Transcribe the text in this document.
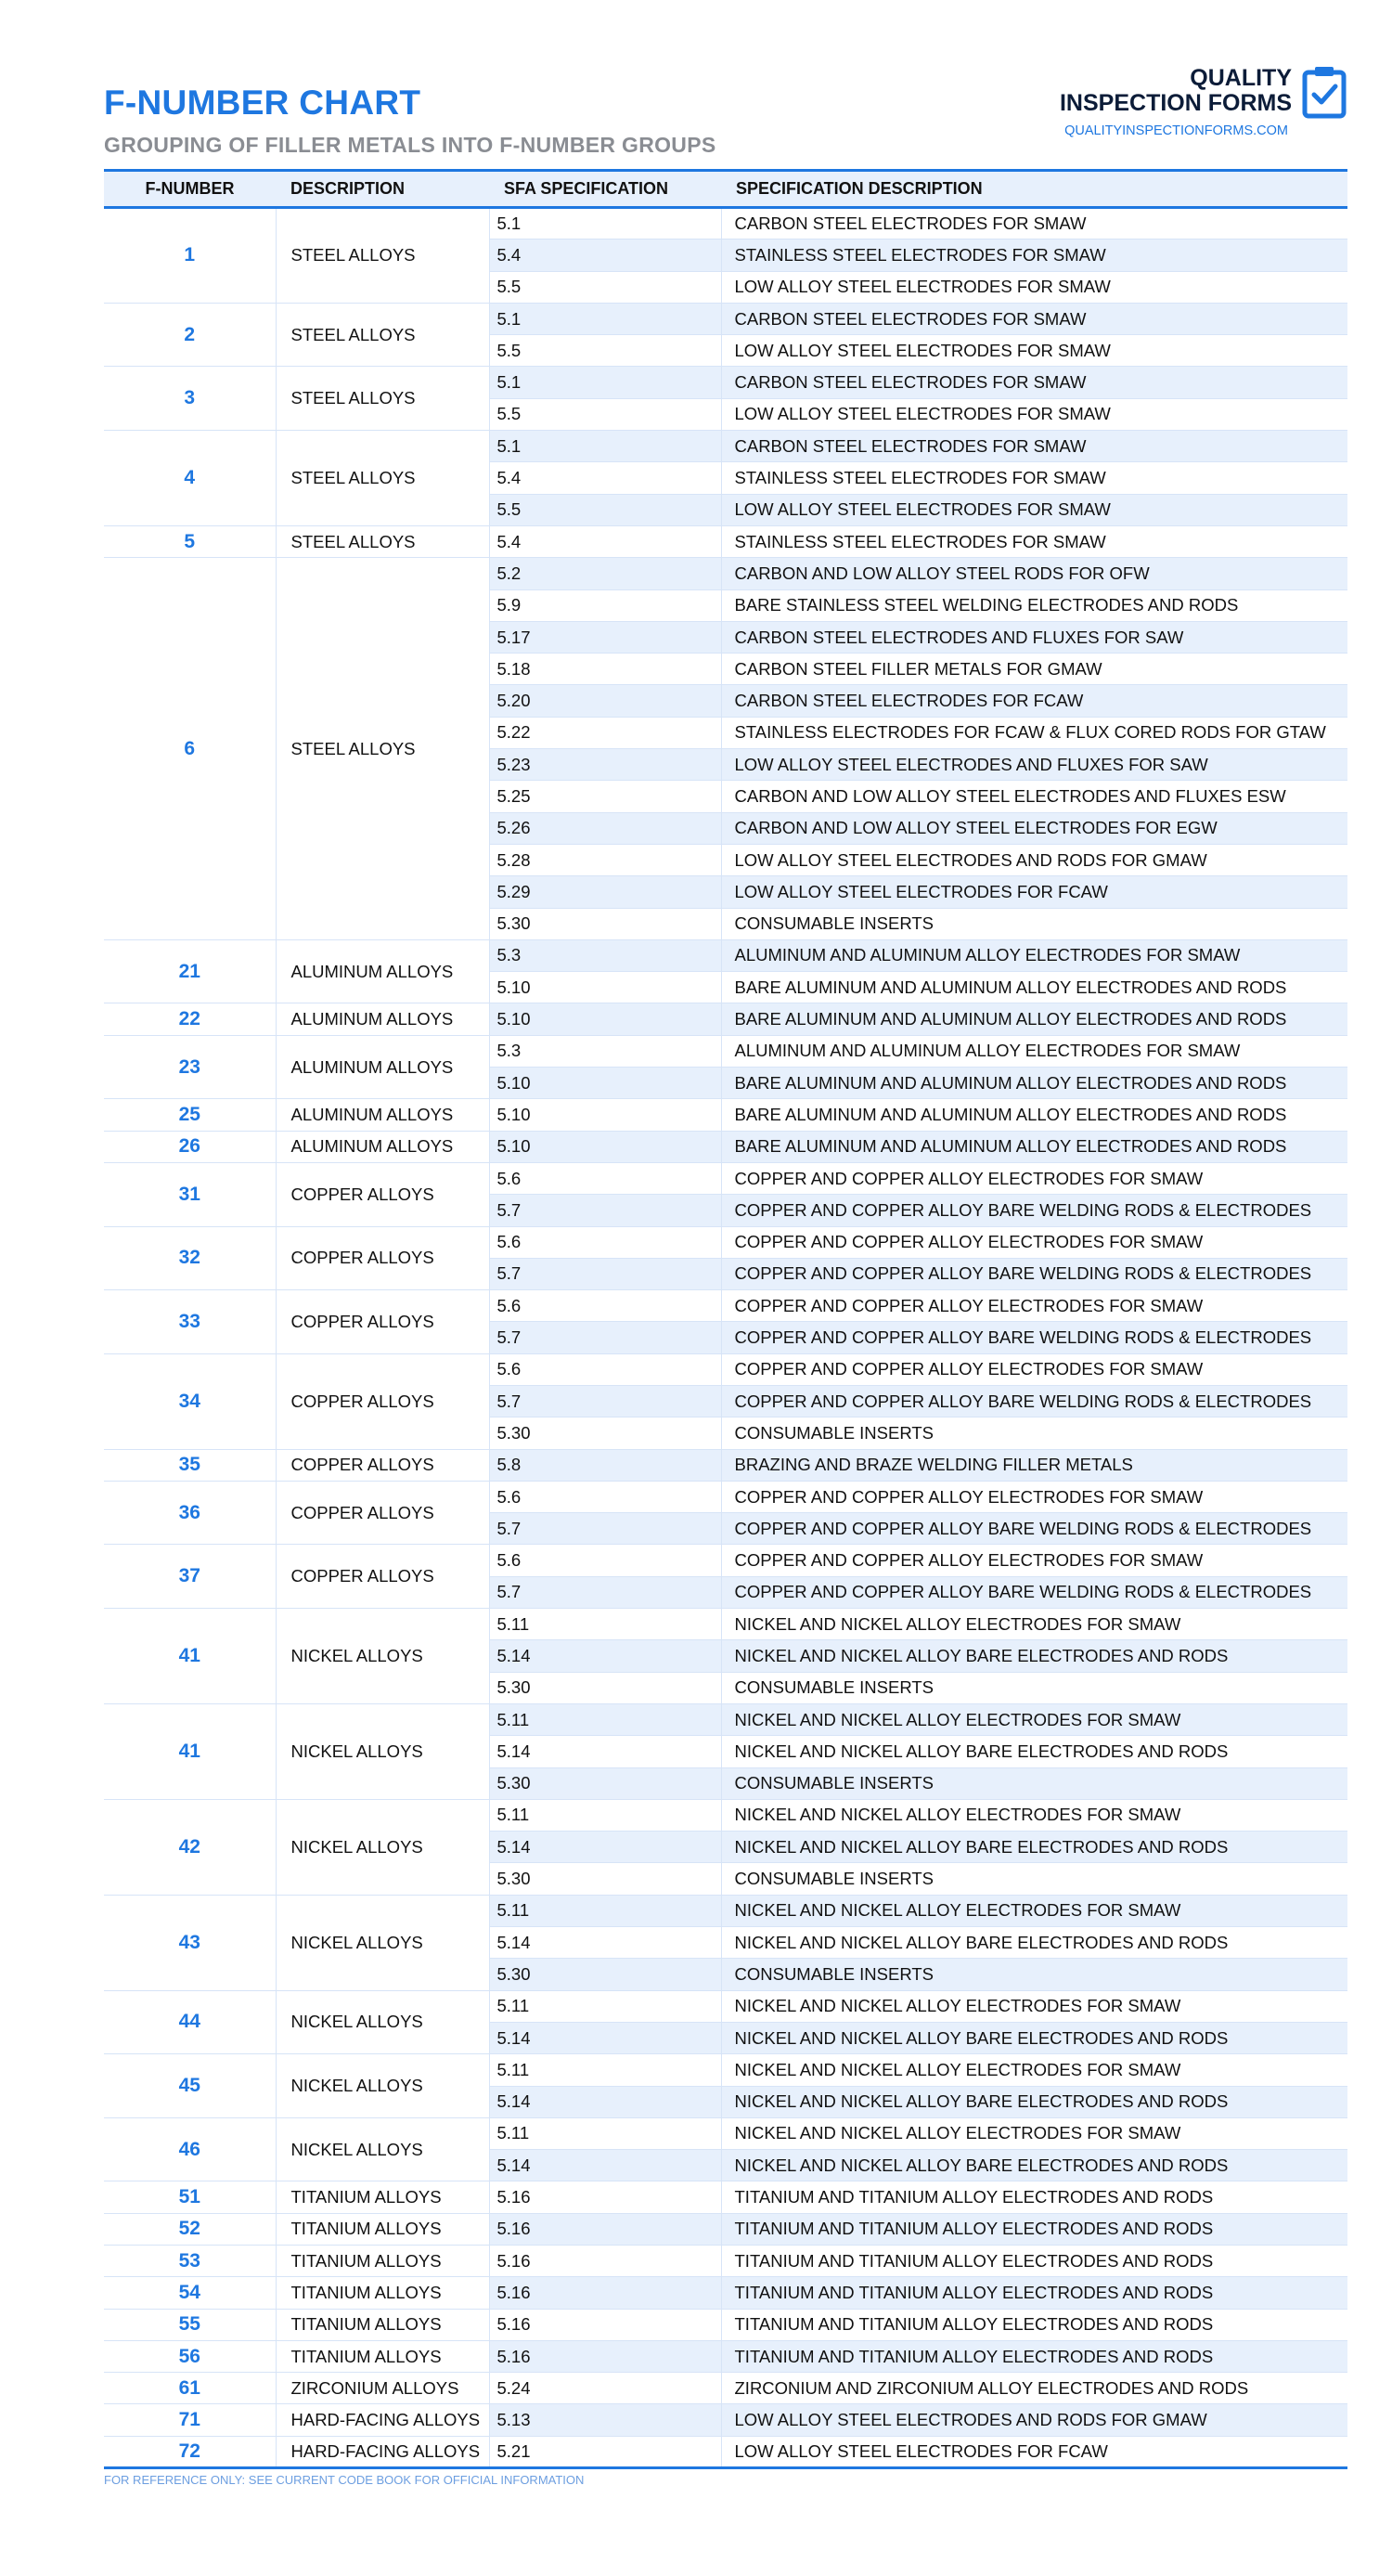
F-NUMBER CHART
GROUPING OF FILLER METALS INTO F-NUMBER GROUPS
QUALITY
INSPECTION FORMS
QUALITYINSPECTIONFORMS.COM
F-NUMBER	DESCRIPTION	SFA SPECIFICATION	SPECIFICATION DESCRIPTION
1	STEEL ALLOYS	5.1	CARBON STEEL ELECTRODES FOR SMAW
		5.4	STAINLESS STEEL ELECTRODES FOR SMAW
		5.5	LOW ALLOY STEEL ELECTRODES FOR SMAW
2	STEEL ALLOYS	5.1	CARBON STEEL ELECTRODES FOR SMAW
		5.5	LOW ALLOY STEEL ELECTRODES FOR SMAW
3	STEEL ALLOYS	5.1	CARBON STEEL ELECTRODES FOR SMAW
		5.5	LOW ALLOY STEEL ELECTRODES FOR SMAW
4	STEEL ALLOYS	5.1	CARBON STEEL ELECTRODES FOR SMAW
		5.4	STAINLESS STEEL ELECTRODES FOR SMAW
		5.5	LOW ALLOY STEEL ELECTRODES FOR SMAW
5	STEEL ALLOYS	5.4	STAINLESS STEEL ELECTRODES FOR SMAW
6	STEEL ALLOYS	5.2	CARBON AND LOW ALLOY STEEL RODS FOR OFW
		5.9	BARE STAINLESS STEEL WELDING ELECTRODES AND RODS
		5.17	CARBON STEEL ELECTRODES AND FLUXES FOR SAW
		5.18	CARBON STEEL FILLER METALS FOR GMAW
		5.20	CARBON STEEL ELECTRODES FOR FCAW
		5.22	STAINLESS ELECTRODES FOR FCAW & FLUX CORED RODS FOR GTAW
		5.23	LOW ALLOY STEEL ELECTRODES AND FLUXES FOR SAW
		5.25	CARBON AND LOW ALLOY STEEL ELECTRODES AND FLUXES ESW
		5.26	CARBON AND LOW ALLOY STEEL ELECTRODES FOR EGW
		5.28	LOW ALLOY STEEL ELECTRODES AND RODS FOR GMAW
		5.29	LOW ALLOY STEEL ELECTRODES FOR FCAW
		5.30	CONSUMABLE INSERTS
21	ALUMINUM ALLOYS	5.3	ALUMINUM AND ALUMINUM ALLOY ELECTRODES FOR SMAW
		5.10	BARE ALUMINUM AND ALUMINUM ALLOY ELECTRODES AND RODS
22	ALUMINUM ALLOYS	5.10	BARE ALUMINUM AND ALUMINUM ALLOY ELECTRODES AND RODS
23	ALUMINUM ALLOYS	5.3	ALUMINUM AND ALUMINUM ALLOY ELECTRODES FOR SMAW
		5.10	BARE ALUMINUM AND ALUMINUM ALLOY ELECTRODES AND RODS
25	ALUMINUM ALLOYS	5.10	BARE ALUMINUM AND ALUMINUM ALLOY ELECTRODES AND RODS
26	ALUMINUM ALLOYS	5.10	BARE ALUMINUM AND ALUMINUM ALLOY ELECTRODES AND RODS
31	COPPER ALLOYS	5.6	COPPER AND COPPER ALLOY ELECTRODES FOR SMAW
		5.7	COPPER AND COPPER ALLOY BARE WELDING RODS & ELECTRODES
32	COPPER ALLOYS	5.6	COPPER AND COPPER ALLOY ELECTRODES FOR SMAW
		5.7	COPPER AND COPPER ALLOY BARE WELDING RODS & ELECTRODES
33	COPPER ALLOYS	5.6	COPPER AND COPPER ALLOY ELECTRODES FOR SMAW
		5.7	COPPER AND COPPER ALLOY BARE WELDING RODS & ELECTRODES
34	COPPER ALLOYS	5.6	COPPER AND COPPER ALLOY ELECTRODES FOR SMAW
		5.7	COPPER AND COPPER ALLOY BARE WELDING RODS & ELECTRODES
		5.30	CONSUMABLE INSERTS
35	COPPER ALLOYS	5.8	BRAZING AND BRAZE WELDING FILLER METALS
36	COPPER ALLOYS	5.6	COPPER AND COPPER ALLOY ELECTRODES FOR SMAW
		5.7	COPPER AND COPPER ALLOY BARE WELDING RODS & ELECTRODES
37	COPPER ALLOYS	5.6	COPPER AND COPPER ALLOY ELECTRODES FOR SMAW
		5.7	COPPER AND COPPER ALLOY BARE WELDING RODS & ELECTRODES
41	NICKEL ALLOYS	5.11	NICKEL AND NICKEL ALLOY ELECTRODES FOR SMAW
		5.14	NICKEL AND NICKEL ALLOY BARE ELECTRODES AND RODS
		5.30	CONSUMABLE INSERTS
41	NICKEL ALLOYS	5.11	NICKEL AND NICKEL ALLOY ELECTRODES FOR SMAW
		5.14	NICKEL AND NICKEL ALLOY BARE ELECTRODES AND RODS
		5.30	CONSUMABLE INSERTS
42	NICKEL ALLOYS	5.11	NICKEL AND NICKEL ALLOY ELECTRODES FOR SMAW
		5.14	NICKEL AND NICKEL ALLOY BARE ELECTRODES AND RODS
		5.30	CONSUMABLE INSERTS
43	NICKEL ALLOYS	5.11	NICKEL AND NICKEL ALLOY ELECTRODES FOR SMAW
		5.14	NICKEL AND NICKEL ALLOY BARE ELECTRODES AND RODS
		5.30	CONSUMABLE INSERTS
44	NICKEL ALLOYS	5.11	NICKEL AND NICKEL ALLOY ELECTRODES FOR SMAW
		5.14	NICKEL AND NICKEL ALLOY BARE ELECTRODES AND RODS
45	NICKEL ALLOYS	5.11	NICKEL AND NICKEL ALLOY ELECTRODES FOR SMAW
		5.14	NICKEL AND NICKEL ALLOY BARE ELECTRODES AND RODS
46	NICKEL ALLOYS	5.11	NICKEL AND NICKEL ALLOY ELECTRODES FOR SMAW
		5.14	NICKEL AND NICKEL ALLOY BARE ELECTRODES AND RODS
51	TITANIUM ALLOYS	5.16	TITANIUM AND TITANIUM ALLOY ELECTRODES AND RODS
52	TITANIUM ALLOYS	5.16	TITANIUM AND TITANIUM ALLOY ELECTRODES AND RODS
53	TITANIUM ALLOYS	5.16	TITANIUM AND TITANIUM ALLOY ELECTRODES AND RODS
54	TITANIUM ALLOYS	5.16	TITANIUM AND TITANIUM ALLOY ELECTRODES AND RODS
55	TITANIUM ALLOYS	5.16	TITANIUM AND TITANIUM ALLOY ELECTRODES AND RODS
56	TITANIUM ALLOYS	5.16	TITANIUM AND TITANIUM ALLOY ELECTRODES AND RODS
61	ZIRCONIUM ALLOYS	5.24	ZIRCONIUM AND ZIRCONIUM ALLOY ELECTRODES AND RODS
71	HARD-FACING ALLOYS	5.13	LOW ALLOY STEEL ELECTRODES AND RODS FOR GMAW
72	HARD-FACING ALLOYS	5.21	LOW ALLOY STEEL ELECTRODES FOR FCAW
FOR REFERENCE ONLY: SEE CURRENT CODE BOOK FOR OFFICIAL INFORMATION
